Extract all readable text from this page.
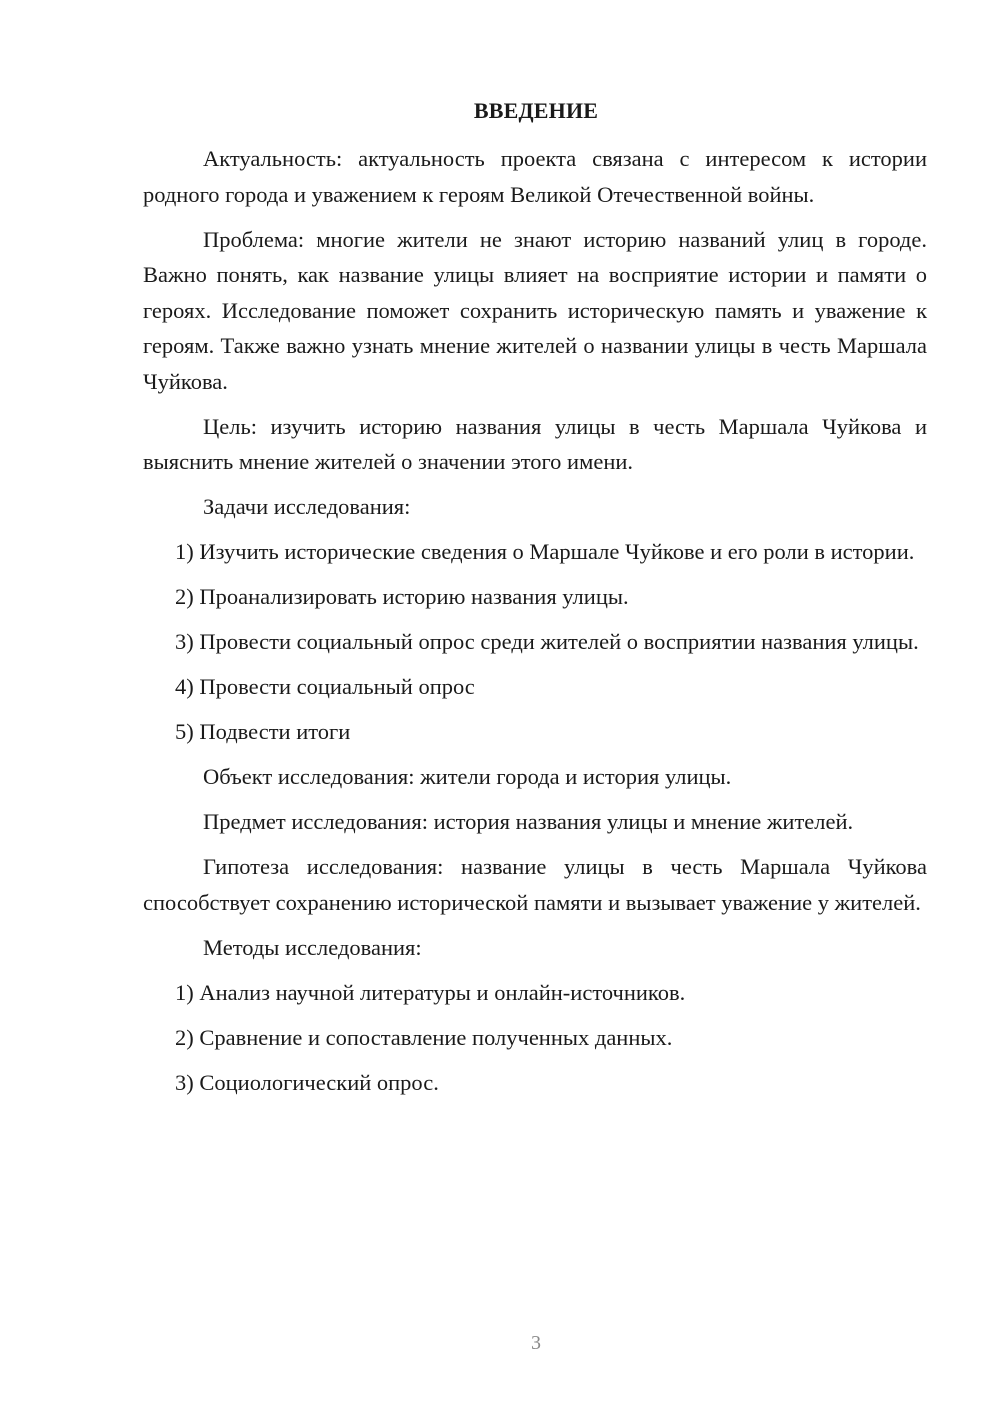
ВВЕДЕНИЕ

Актуальность: актуальность проекта связана с интересом к истории родного города и уважением к героям Великой Отечественной войны.

Проблема: многие жители не знают историю названий улиц в городе. Важно понять, как название улицы влияет на восприятие истории и памяти о героях. Исследование поможет сохранить историческую память и уважение к героям. Также важно узнать мнение жителей о названии улицы в честь Маршала Чуйкова.

Цель: изучить историю названия улицы в честь Маршала Чуйкова и выяснить мнение жителей о значении этого имени.

Задачи исследования:

1) Изучить исторические сведения о Маршале Чуйкове и его роли в истории.

2) Проанализировать историю названия улицы.

3) Провести социальный опрос среди жителей о восприятии названия улицы.

4) Провести социальный опрос

5) Подвести итоги

Объект исследования: жители города и история улицы.

Предмет исследования: история названия улицы и мнение жителей.

Гипотеза исследования: название улицы в честь Маршала Чуйкова способствует сохранению исторической памяти и вызывает уважение у жителей.

Методы исследования:

1) Анализ научной литературы и онлайн-источников.

2) Сравнение и сопоставление полученных данных.

3) Социологический опрос.

3
